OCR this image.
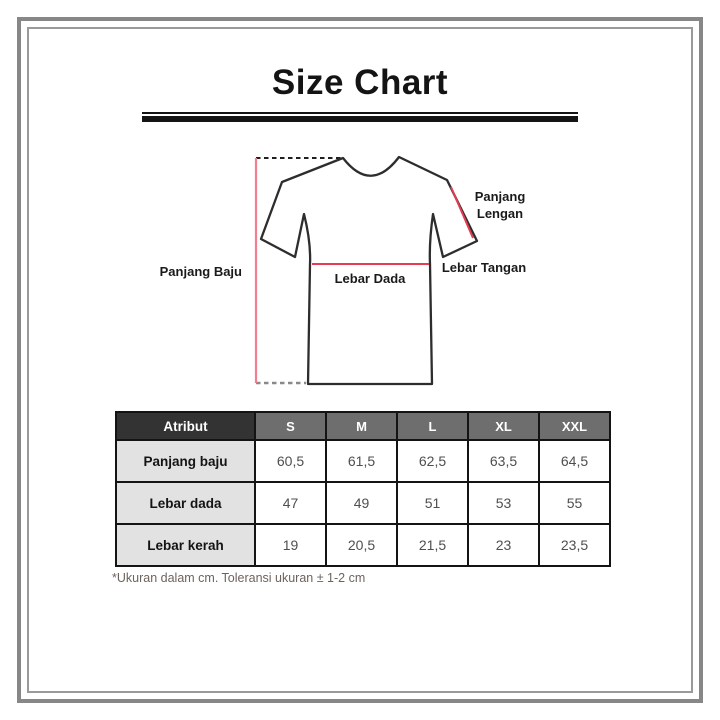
Size Chart
Panjang Baju	Lebar Dada
Panjang
Lengan
Lebar Tangan
Atribut	S	M	L	XL	XXL
Panjang baju	60,5	61,5	62,5	63,5	64,5
Lebar dada	47	49	51	53	55
Lebar kerah	19	20,5	21,5	23	23,5
*Ukuran dalam cm. Toleransi ukuran ± 1-2 cm
